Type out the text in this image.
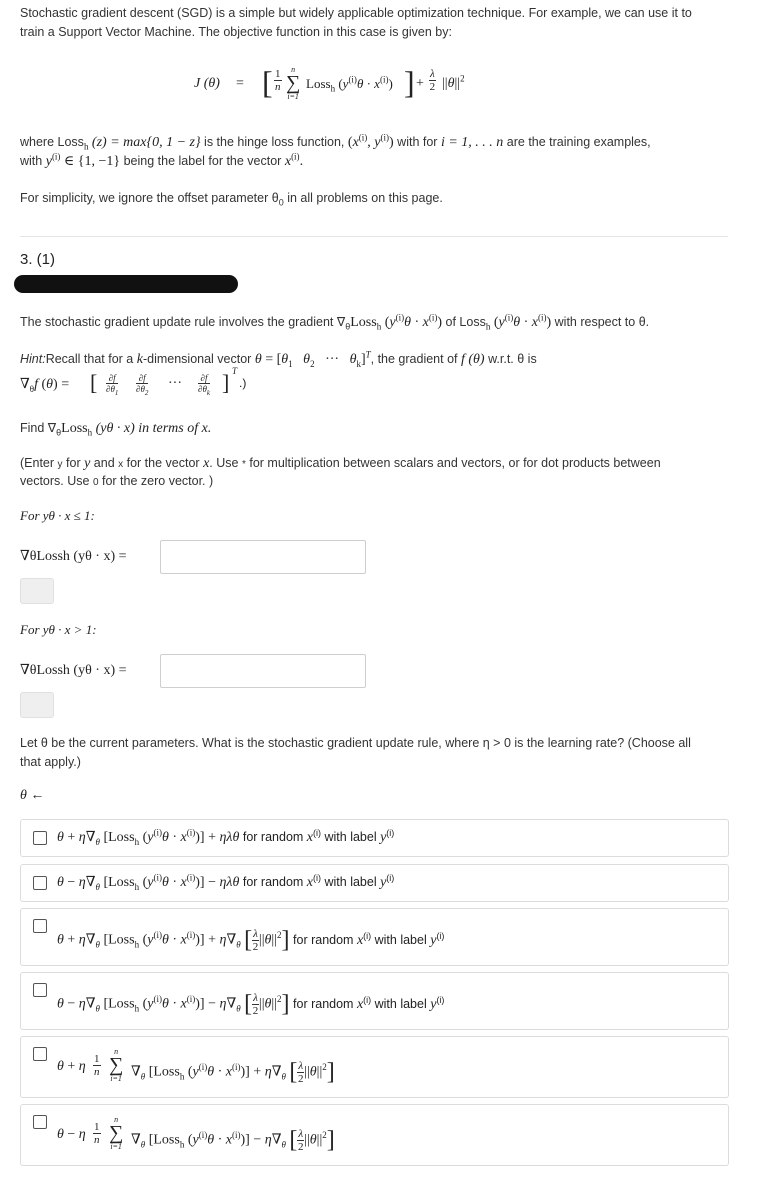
Stochastic gradient descent (SGD) is a simple but widely applicable optimization technique. For example, we can use it to
train a Support Vector Machine. The objective function in this case is given by:
J (θ) = [ $\frac{1}{n}$	n
∑
i=1
Loss$_h$ $(y^{(i)}\theta \cdot x^{(i)})$ ] + $\frac{\lambda}{2} ||\theta||^2$
where Loss$_h$ (z) = max{0, 1 − z} is the hinge loss function, ($x^{(i)}$, $y^{(i)}$) with for i = 1, . . . n are the training examples,
with $y^{(i)}$ ∈ {1, −1} being the label for the vector $x^{(i)}$.
For simplicity, we ignore the offset parameter $\theta_0$ in all problems on this page.
3. (1)
The stochastic gradient update rule involves the gradient $\nabla_\theta Loss_h$ $(y^{(i)}\theta \cdot x^{(i)})$ of Loss$_h$ $(y^{(i)}\theta \cdot x^{(i)})$ with respect to θ.
Hint:Recall that for a k-dimensional vector $\theta = [\theta_1$ $\theta_2$   ···   $\theta_k]^T$, the gradient of f (θ) w.r.t. θ is
$\nabla_\theta f$ (θ) = [ $\frac{\partial f}{\partial\theta_1} \frac{\partial f}{\partial\theta_2}$ ··· $\frac{\partial f}{\partial\theta_k}$ ] T
.)
Find $\nabla_\theta Loss_h$ (yθ · x) in terms of x.
(Enter y for y and x for the vector x. Use * for multiplication between scalars and vectors, or for dot products between
vectors. Use 0 for the zero vector. )
For yθ · x ≤ 1:
∇θLossh (yθ · x) =
For yθ · x > 1:
∇θLossh (yθ · x) =
Let θ be the current parameters. What is the stochastic gradient update rule, where η > 0 is the learning rate? (Choose all
that apply.)
θ ←
$\theta + \eta\nabla_\theta$ [Loss$_h$ $(y^{(i)}\theta \cdot x^{(i)})] + \eta\lambda\theta$ for random $x^{(i)}$ with label $y^{(i)}$
$\theta - \eta\nabla_\theta$ [Loss$_h$ $(y^{(i)}\theta \cdot x^{(i)})] - \eta\lambda\theta$ for random $x^{(i)}$ with label $y^{(i)}$
$\theta + \eta\nabla_\theta$ [Loss$_h$ $(y^{(i)}\theta \cdot x^{(i)})] + \eta\nabla_\theta$ [ $\frac{\lambda}{2} ||\theta||^2$] for random $x^{(i)}$ with label $y^{(i)}$
$\theta - \eta\nabla_\theta$ [Loss$_h$ $(y^{(i)}\theta \cdot x^{(i)})] - \eta\nabla_\theta$ [ $\frac{\lambda}{2} ||\theta||^2$] for random $x^{(i)}$ with label $y^{(i)}$
θ + η $\frac{1}{n}$
n
∑
i=1 $\nabla_\theta$ [Loss$_h$ $(y^{(i)}\theta \cdot x^{(i)})] + \eta\nabla_\theta$ [ $\frac{\lambda}{2} ||\theta||^2$]
θ − η $\frac{1}{n}$
n
∑
i=1 $\nabla_\theta$ [Loss$_h$ $(y^{(i)}\theta \cdot x^{(i)})] - \eta\nabla_\theta$ [ $\frac{\lambda}{2} ||\theta||^2$]
